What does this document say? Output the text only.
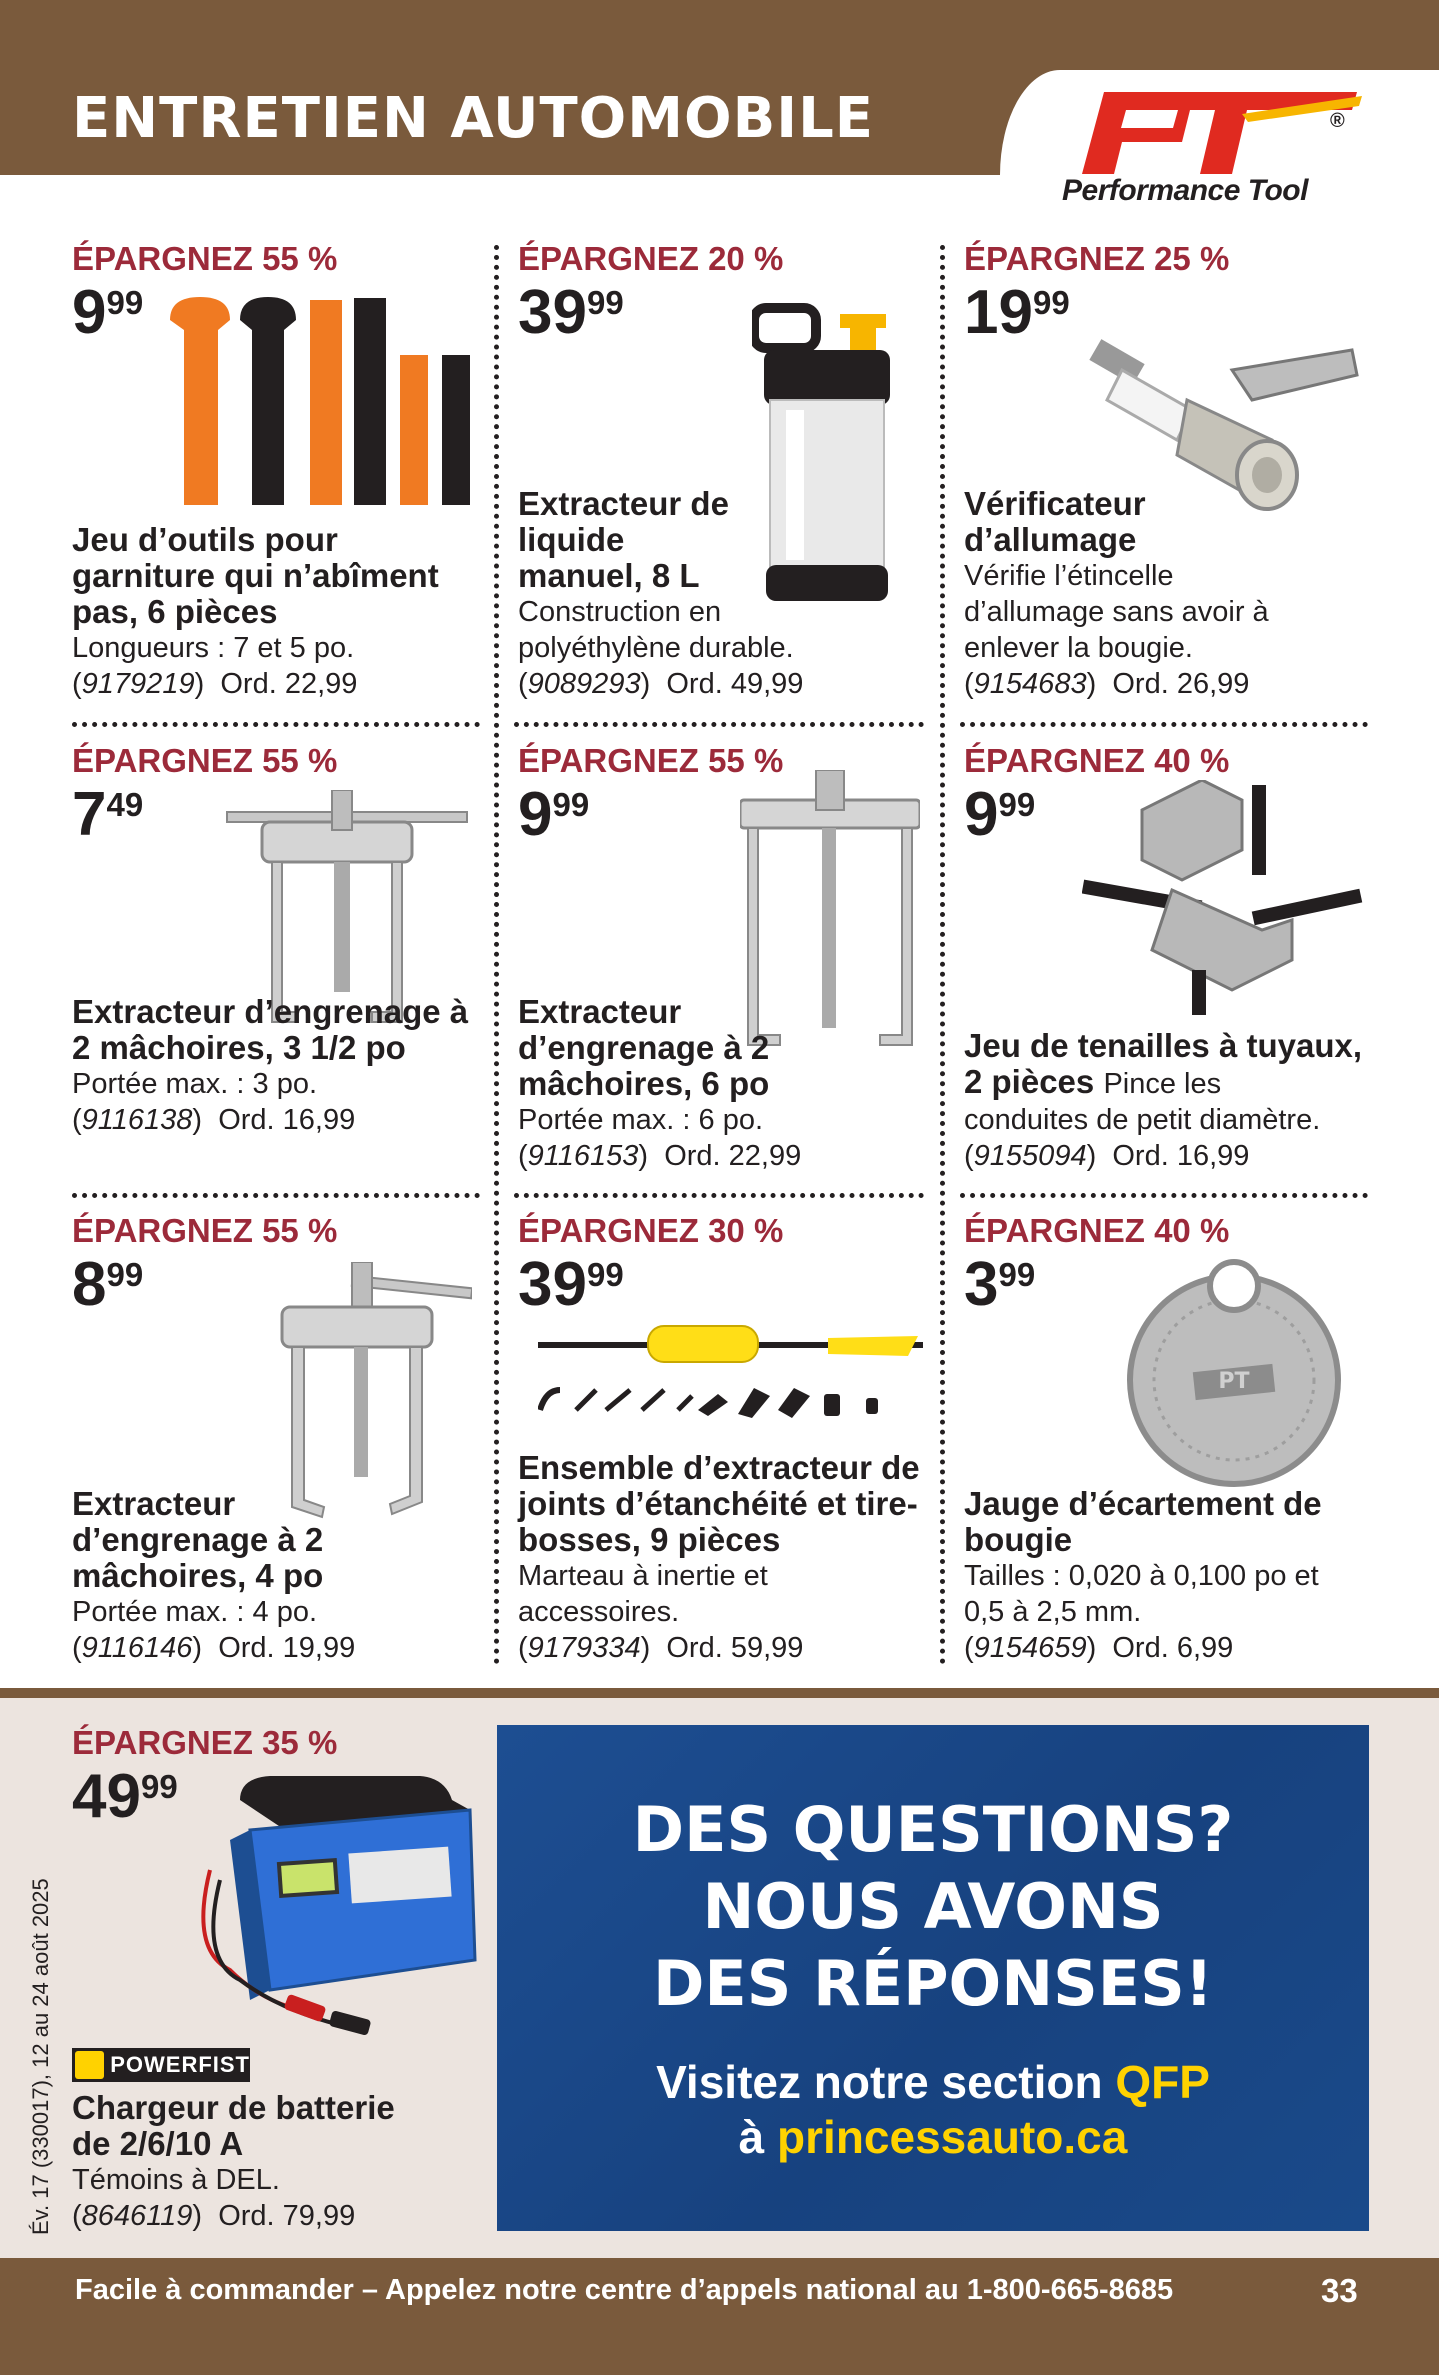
ENTRETIEN AUTOMOBILE	®
Performance Tool
ÉPARGNEZ 55 %
$9^{99}$
Jeu d’outils pour garniture qui n’abîment pas, 6 pièces
Longueurs : 7 et 5 po.
(9179219)  Ord. 22,99
ÉPARGNEZ 20 %
$39^{99}$
Extracteur de liquide manuel, 8 L
Construction en polyéthylène durable.
(9089293)  Ord. 49,99
ÉPARGNEZ 25 %
$19^{99}$
Vérificateur d’allumage
Vérifie l’étincelle d’allumage sans avoir à enlever la bougie.
(9154683)  Ord. 26,99
ÉPARGNEZ 55 %
$7^{49}$
Extracteur d’engrenage à 2 mâchoires, 3 1/2 po
Portée max. : 3 po.
(9116138)  Ord. 16,99
ÉPARGNEZ 55 %
$9^{99}$
Extracteur d’engrenage à 2 mâchoires, 6 po
Portée max. : 6 po.
(9116153)  Ord. 22,99
ÉPARGNEZ 40 %
$9^{99}$
Jeu de tenailles à tuyaux, 2 pièces Pince les
conduites de petit diamètre.
(9155094)  Ord. 16,99
ÉPARGNEZ 55 %
$8^{99}$
Extracteur d’engrenage à 2 mâchoires, 4 po
Portée max. : 4 po.
(9116146)  Ord. 19,99
ÉPARGNEZ 30 %
$39^{99}$
Ensemble d’extracteur de joints d’étanchéité et tire-bosses, 9 pièces
Marteau à inertie et accessoires.
(9179334)  Ord. 59,99
ÉPARGNEZ 40 %
$3^{99}$
PT
Jauge d’écartement de bougie
Tailles : 0,020 à 0,100 po et 0,5 à 2,5 mm.
(9154659)  Ord. 6,99
Év. 17 (330017), 12 au 24 août 2025
ÉPARGNEZ 35 %
$49^{99}$
POWERFIST
Chargeur de batterie de 2/6/10 A
Témoins à DEL.
(8646119)  Ord. 79,99
DES QUESTIONS?
NOUS AVONS
DES RÉPONSES!
Visitez notre section QFP
à princessauto.ca
Facile à commander – Appelez notre centre d’appels national au 1-800-665-8685	33
